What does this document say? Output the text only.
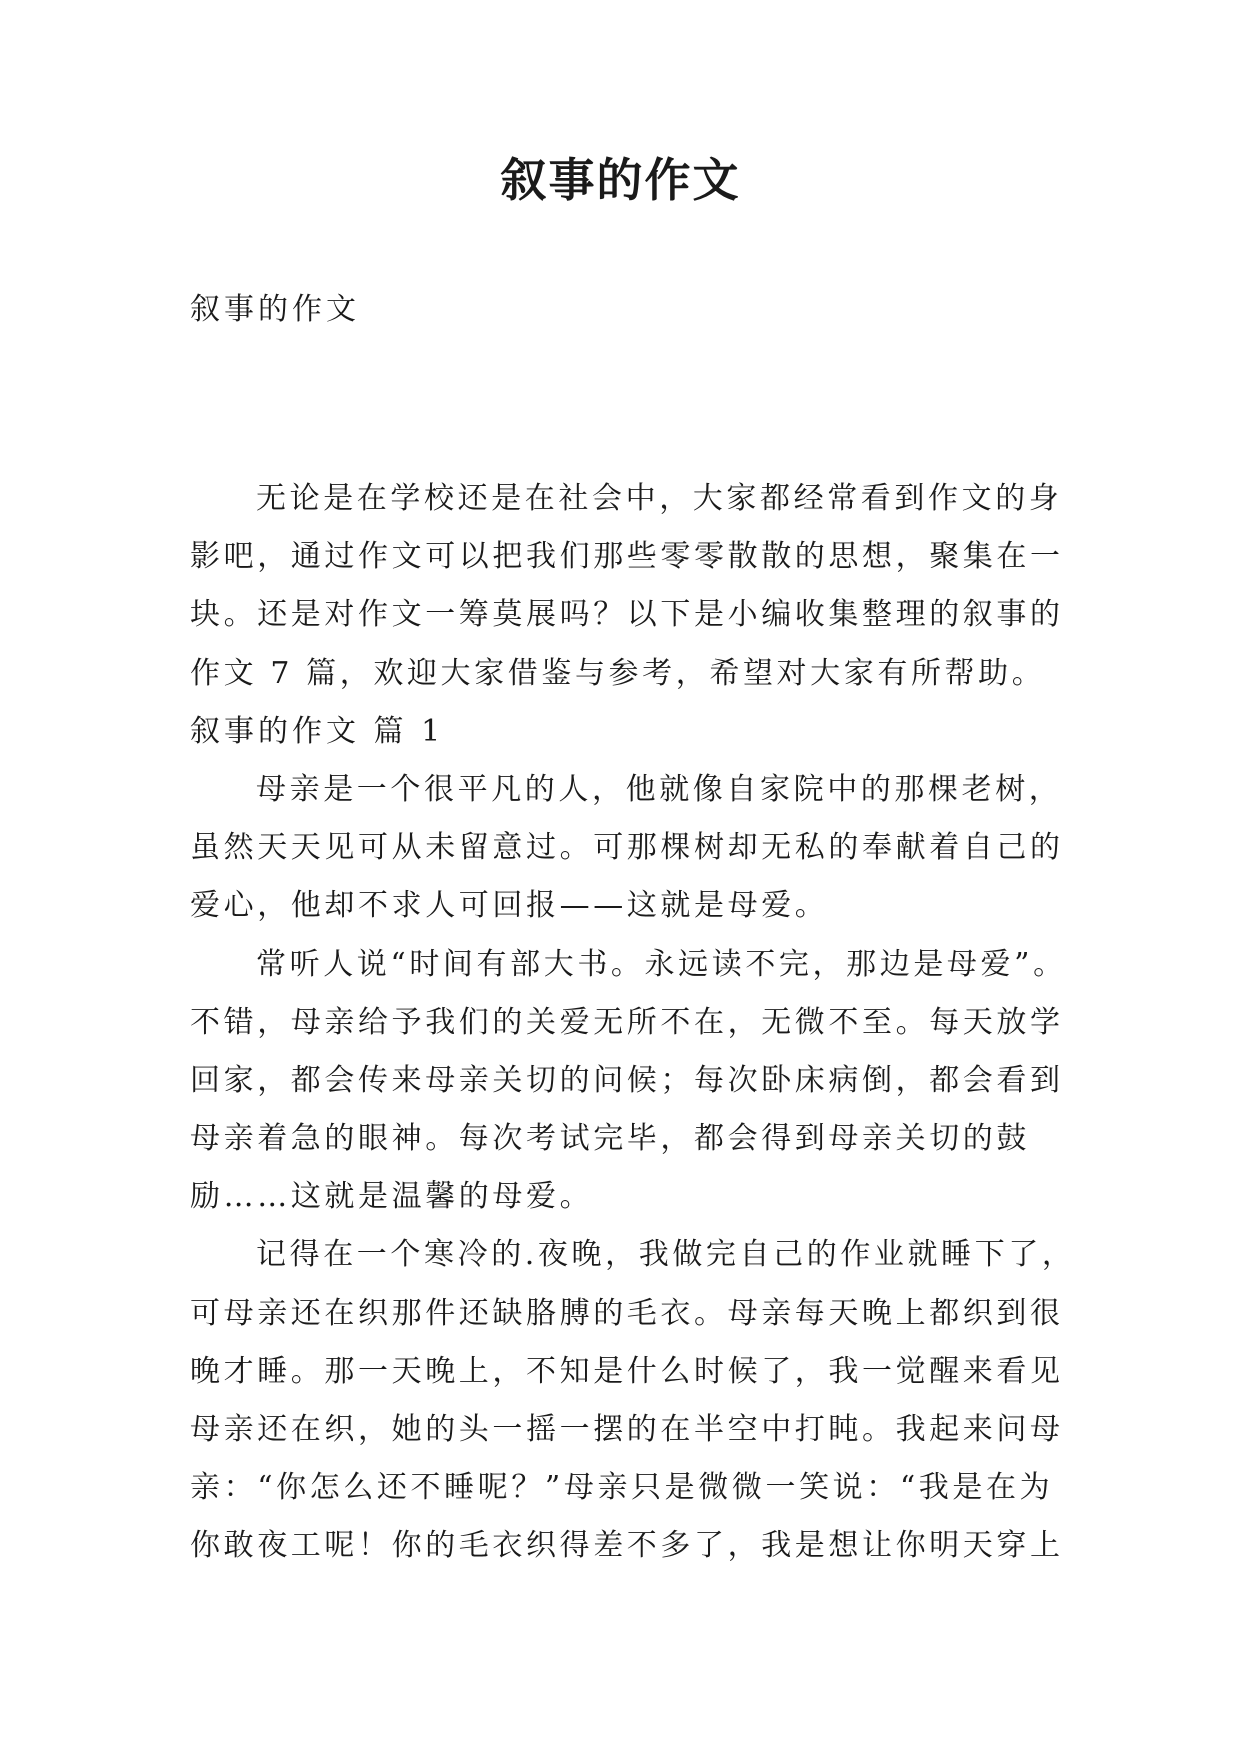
叙事的作文
叙事的作文
无论是在学校还是在社会中，大家都经常看到作文的身
影吧，通过作文可以把我们那些零零散散的思想，聚集在一
块。还是对作文一筹莫展吗？以下是小编收集整理的叙事的
作文 7 篇，欢迎大家借鉴与参考，希望对大家有所帮助。
叙事的作文 篇 1
母亲是一个很平凡的人，他就像自家院中的那棵老树，
虽然天天见可从未留意过。可那棵树却无私的奉献着自己的
爱心，他却不求人可回报——这就是母爱。
常听人说“时间有部大书。永远读不完，那边是母爱”。
不错，母亲给予我们的关爱无所不在，无微不至。每天放学
回家，都会传来母亲关切的问候；每次卧床病倒，都会看到
母亲着急的眼神。每次考试完毕，都会得到母亲关切的鼓
励……这就是温馨的母爱。
记得在一个寒冷的.夜晚，我做完自己的作业就睡下了，
可母亲还在织那件还缺胳膊的毛衣。母亲每天晚上都织到很
晚才睡。那一天晚上，不知是什么时候了，我一觉醒来看见
母亲还在织，她的头一摇一摆的在半空中打盹。我起来问母
亲：“你怎么还不睡呢？”母亲只是微微一笑说：“我是在为
你敢夜工呢！你的毛衣织得差不多了，我是想让你明天穿上
